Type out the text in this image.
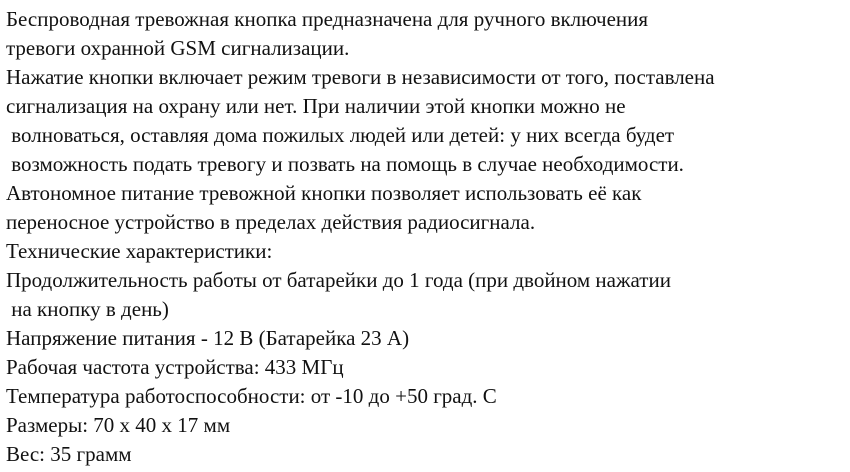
Беспроводная тревожная кнопка предназначена для ручного включения
тревоги охранной GSM сигнализации.
Нажатие кнопки включает режим тревоги в независимости от того, поставлена
сигнализация на охрану или нет. При наличии этой кнопки можно не
волноваться, оставляя дома пожилых людей или детей: у них всегда будет
возможность подать тревогу и позвать на помощь в случае необходимости.
Автономное питание тревожной кнопки позволяет использовать её как
переносное устройство в пределах действия радиосигнала.
Технические характеристики:
Продолжительность работы от батарейки до 1 года (при двойном нажатии
на кнопку в день)
Напряжение питания - 12 В (Батарейка 23 А)
Рабочая частота устройства: 433 МГц
Температура работоспособности: от -10 до +50 град. С
Размеры: 70 х 40 х 17 мм
Вес: 35 грамм
